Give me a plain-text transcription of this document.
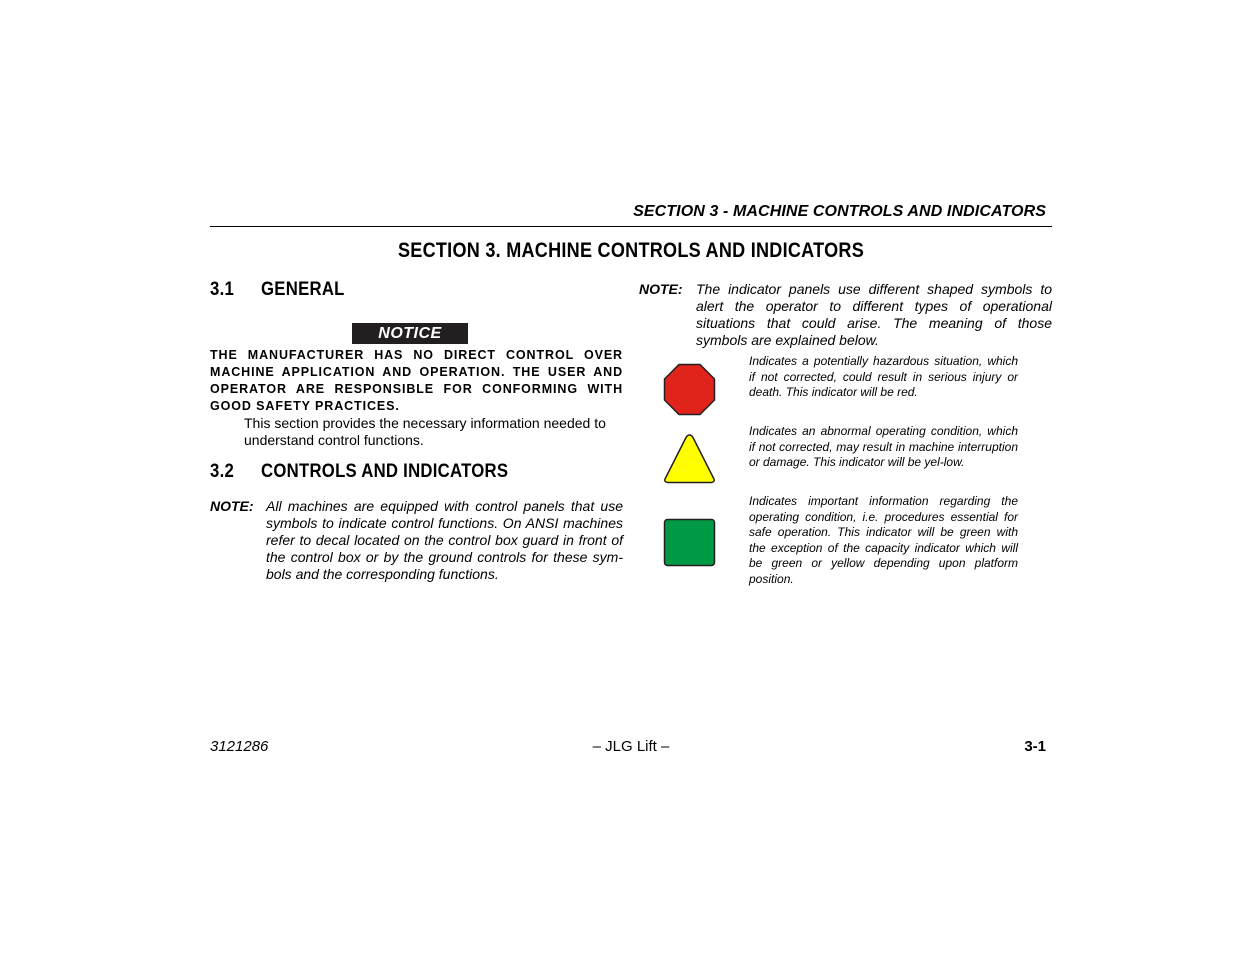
SECTION 3 - MACHINE CONTROLS AND INDICATORS
SECTION 3. MACHINE CONTROLS AND INDICATORS
3.1 GENERAL
NOTICE
THE MANUFACTURER HAS NO DIRECT CONTROL OVER MACHINE APPLICATION AND OPERATION. THE USER AND OPERATOR ARE RESPONSIBLE FOR CONFORMING WITH GOOD SAFETY PRACTICES.
This section provides the necessary information needed to understand control functions.
3.2 CONTROLS AND INDICATORS
NOTE: All machines are equipped with control panels that use symbols to indicate control functions. On ANSI machines refer to decal located on the control box guard in front of the control box or by the ground controls for these sym-bols and the corresponding functions.
NOTE: The indicator panels use different shaped symbols to alert the operator to different types of operational situations that could arise. The meaning of those symbols are explained below.
Indicates a potentially hazardous situation, which if not corrected, could result in serious injury or death. This indicator will be red.
Indicates an abnormal operating condition, which if not corrected, may result in machine interruption or damage. This indicator will be yel-low.
Indicates important information regarding the operating condition, i.e. procedures essential for safe operation. This indicator will be green with the exception of the capacity indicator which will be green or yellow depending upon platform position.
3121286	– JLG Lift –	3-1
